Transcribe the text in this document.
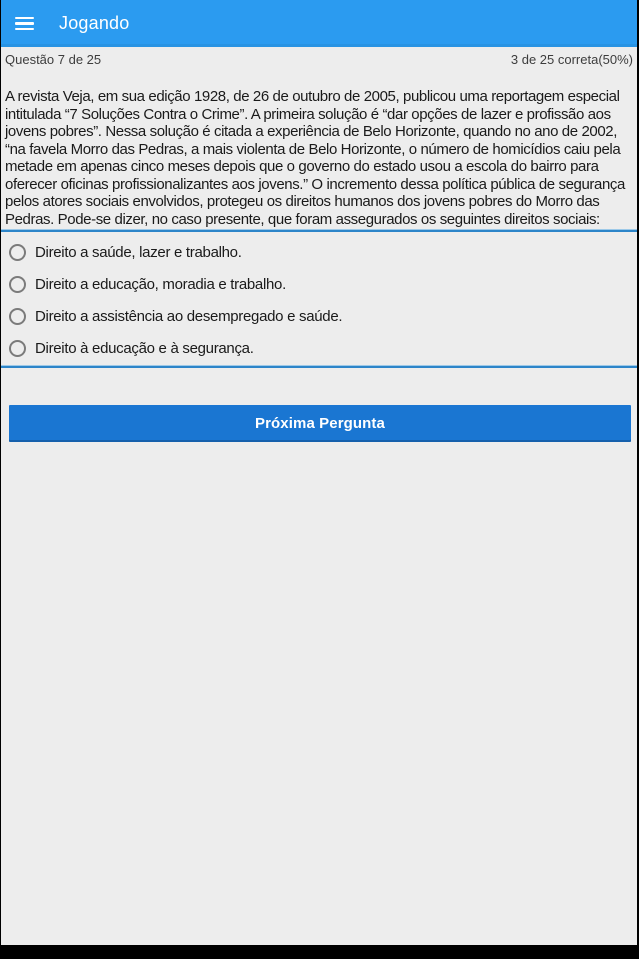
Jogando
Questão 7 de 25	3 de 25 correta(50%)

A revista Veja, em sua edição 1928, de 26 de outubro de 2005, publicou uma reportagem especial intitulada “7 Soluções Contra o Crime”. A primeira solução é “dar opções de lazer e profissão aos jovens pobres”. Nessa solução é citada a experiência de Belo Horizonte, quando no ano de 2002, “na favela Morro das Pedras, a mais violenta de Belo Horizonte, o número de homicídios caiu pela metade em apenas cinco meses depois que o governo do estado usou a escola do bairro para oferecer oficinas profissionalizantes aos jovens.” O incremento dessa política pública de segurança pelos atores sociais envolvidos, protegeu os direitos humanos dos jovens pobres do Morro das Pedras. Pode-se dizer, no caso presente, que foram assegurados os seguintes direitos sociais:

Direito a saúde, lazer e trabalho.
Direito a educação, moradia e trabalho.
Direito a assistência ao desempregado e saúde.
Direito à educação e à segurança.
Próxima Pergunta
